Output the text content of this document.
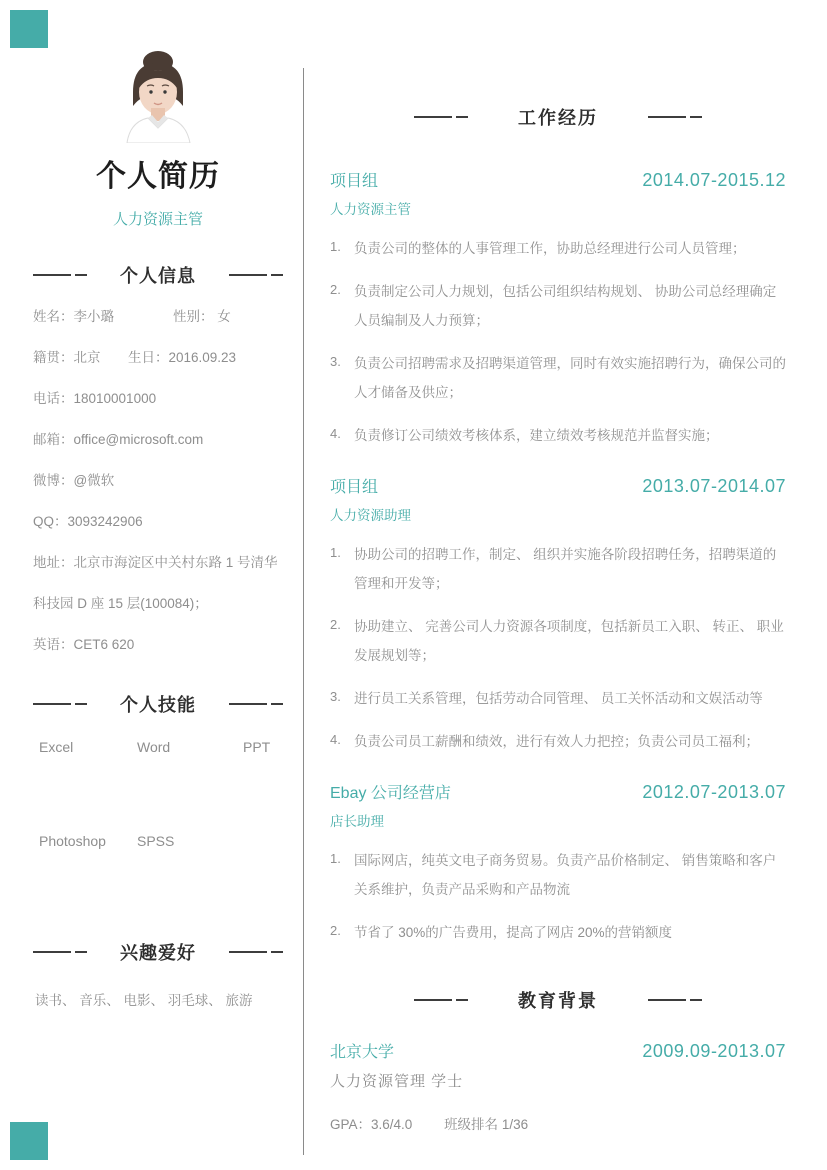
个人简历
人力资源主管
个人信息
姓名：李小璐	性别： 女
籍贯：北京	生日：2016.09.23
电话：18010001000
邮箱：office@microsoft.com
微博：@微软
QQ：3093242906
地址：北京市海淀区中关村东路 1 号清华科技园 D 座 15 层(100084)；
英语：CET6 620
个人技能
Excel	Word	PPT
Photoshop	SPSS
兴趣爱好
读书、 音乐、 电影、 羽毛球、 旅游
工作经历
项目组	2014.07-2015.12
人力资源主管
负责公司的整体的人事管理工作，协助总经理进行公司人员管理；
负责制定公司人力规划，包括公司组织结构规划、 协助公司总经理确定人员编制及人力预算；
负责公司招聘需求及招聘渠道管理，同时有效实施招聘行为，确保公司的人才储备及供应；
负责修订公司绩效考核体系，建立绩效考核规范并监督实施；
项目组	2013.07-2014.07
人力资源助理
协助公司的招聘工作，制定、 组织并实施各阶段招聘任务，招聘渠道的管理和开发等；
协助建立、 完善公司人力资源各项制度，包括新员工入职、 转正、 职业发展规划等；
进行员工关系管理，包括劳动合同管理、 员工关怀活动和文娱活动等
负责公司员工薪酬和绩效，进行有效人力把控；负责公司员工福利；
Ebay 公司经营店	2012.07-2013.07
店长助理
国际网店，纯英文电子商务贸易。负责产品价格制定、 销售策略和客户关系维护，负责产品采购和产品物流
节省了 30%的广告费用，提高了网店 20%的营销额度
教育背景
北京大学	2009.09-2013.07
人力资源管理 学士
GPA：3.6/4.0 班级排名 1/36
